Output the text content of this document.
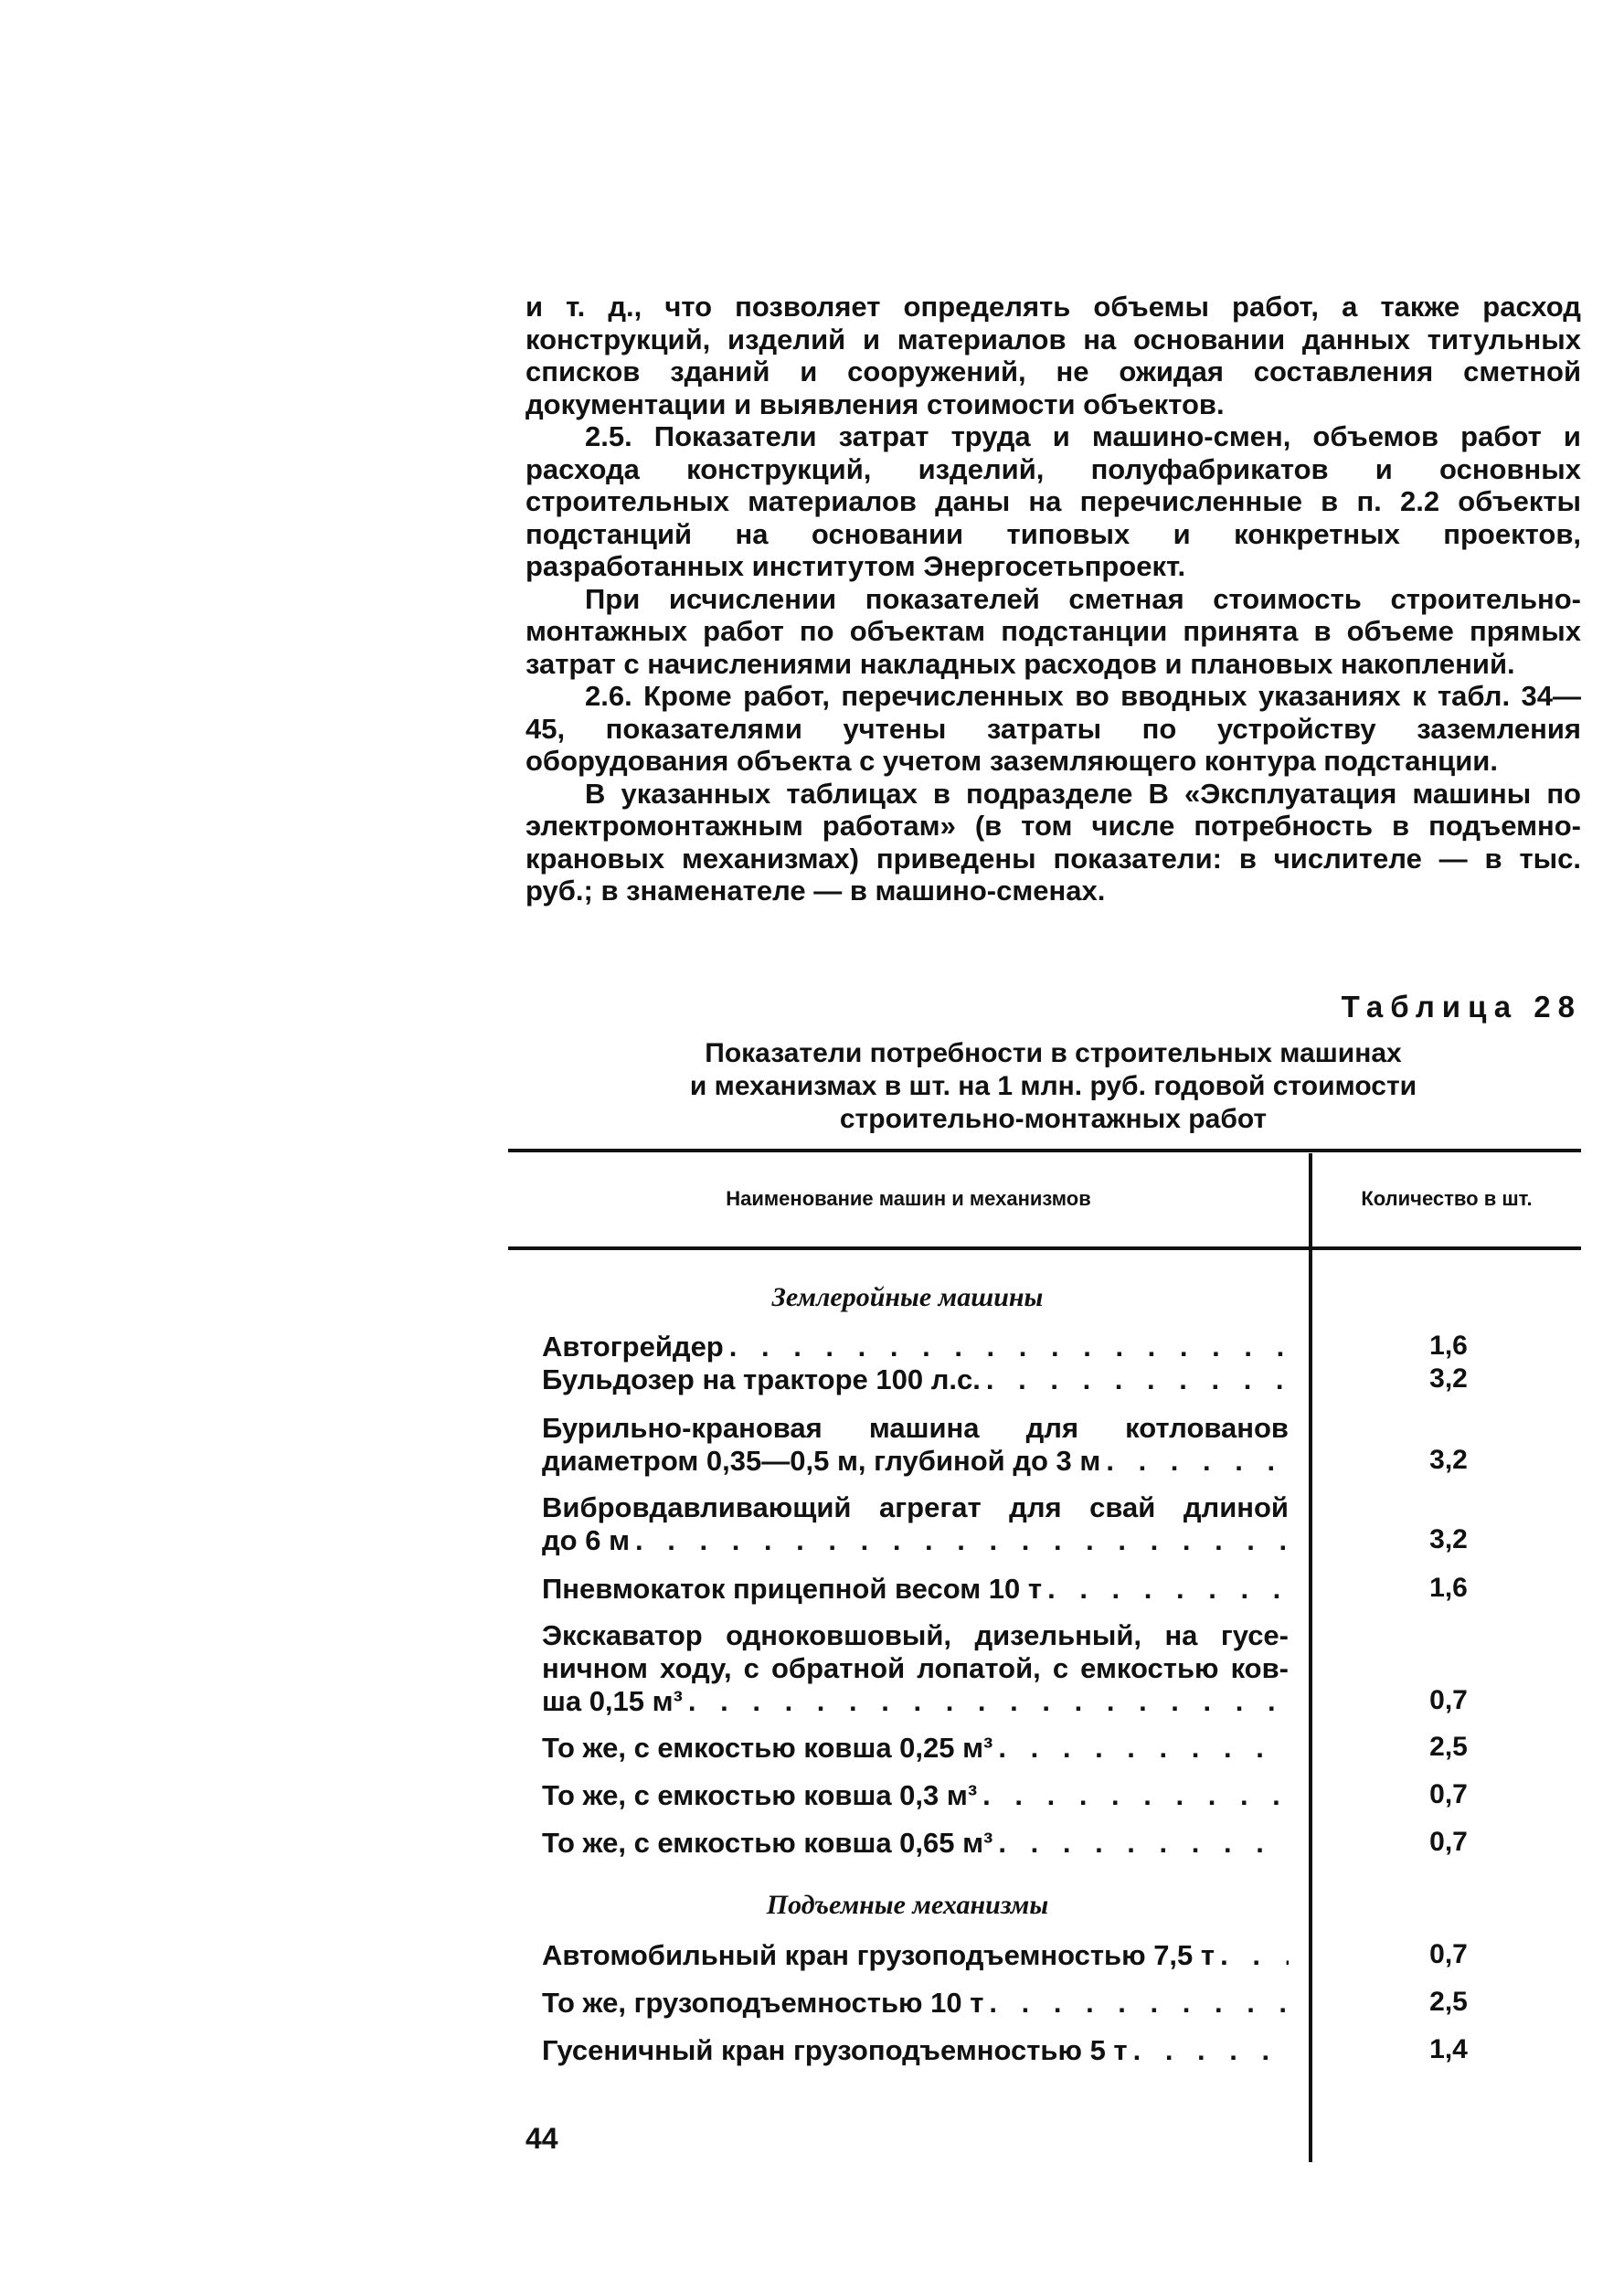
и т. д., что позволяет определять объемы работ, а также расход конструкций, изделий и материалов на основании данных титульных списков зданий и сооружений, не ожидая составления сметной документации и выявления стоимости объектов.

2.5. Показатели затрат труда и машино-смен, объемов работ и расхода конструкций, изделий, полуфабрикатов и основных строительных материалов даны на перечисленные в п. 2.2 объекты подстанций на основании типовых и конкретных проектов, разработанных институтом Энергосетьпроект.

При исчислении показателей сметная стоимость строительно-монтажных работ по объектам подстанции принята в объеме прямых затрат с начислениями накладных расходов и плановых накоплений.

2.6. Кроме работ, перечисленных во вводных указаниях к табл. 34—45, показателями учтены затраты по устройству заземления оборудования объекта с учетом заземляющего контура подстанции.

В указанных таблицах в подразделе В «Эксплуатация машины по электромонтажным работам» (в том числе потребность в подъемно-крановых механизмах) приведены показатели: в числителе — в тыс. руб.; в знаменателе — в машино-сменах.

Таблица 28
Показатели потребности в строительных машинах
и механизмах в шт. на 1 млн. руб. годовой стоимости
строительно-монтажных работ
Наименование машин и механизмов	Количество в шт.
Землеройные машины
Автогрейдер . . .	1,6
Бульдозер на тракторе 100 л.с. . . .	3,2
Бурильно-крановая машина для котлованов
диаметром 0,35—0,5 м, глубиной до 3 м . . .	3,2
Вибровдавливающий агрегат для свай длиной
до 6 м . . .	3,2
Пневмокаток прицепной весом 10 т . . .	1,6
Экскаватор одноковшовый, дизельный, на гусе-
ничном ходу, с обратной лопатой, с емкостью ков-
ша 0,15 м³ . . .	0,7
То же, с емкостью ковша 0,25 м³ . . .	2,5
То же, с емкостью ковша 0,3 м³ . . .	0,7
То же, с емкостью ковша 0,65 м³ . . .	0,7
Подъемные механизмы
Автомобильный кран грузоподъемностью 7,5 т . . .	0,7
То же, грузоподъемностью 10 т . . .	2,5
Гусеничный кран грузоподъемностью 5 т . . .	1,4
44
